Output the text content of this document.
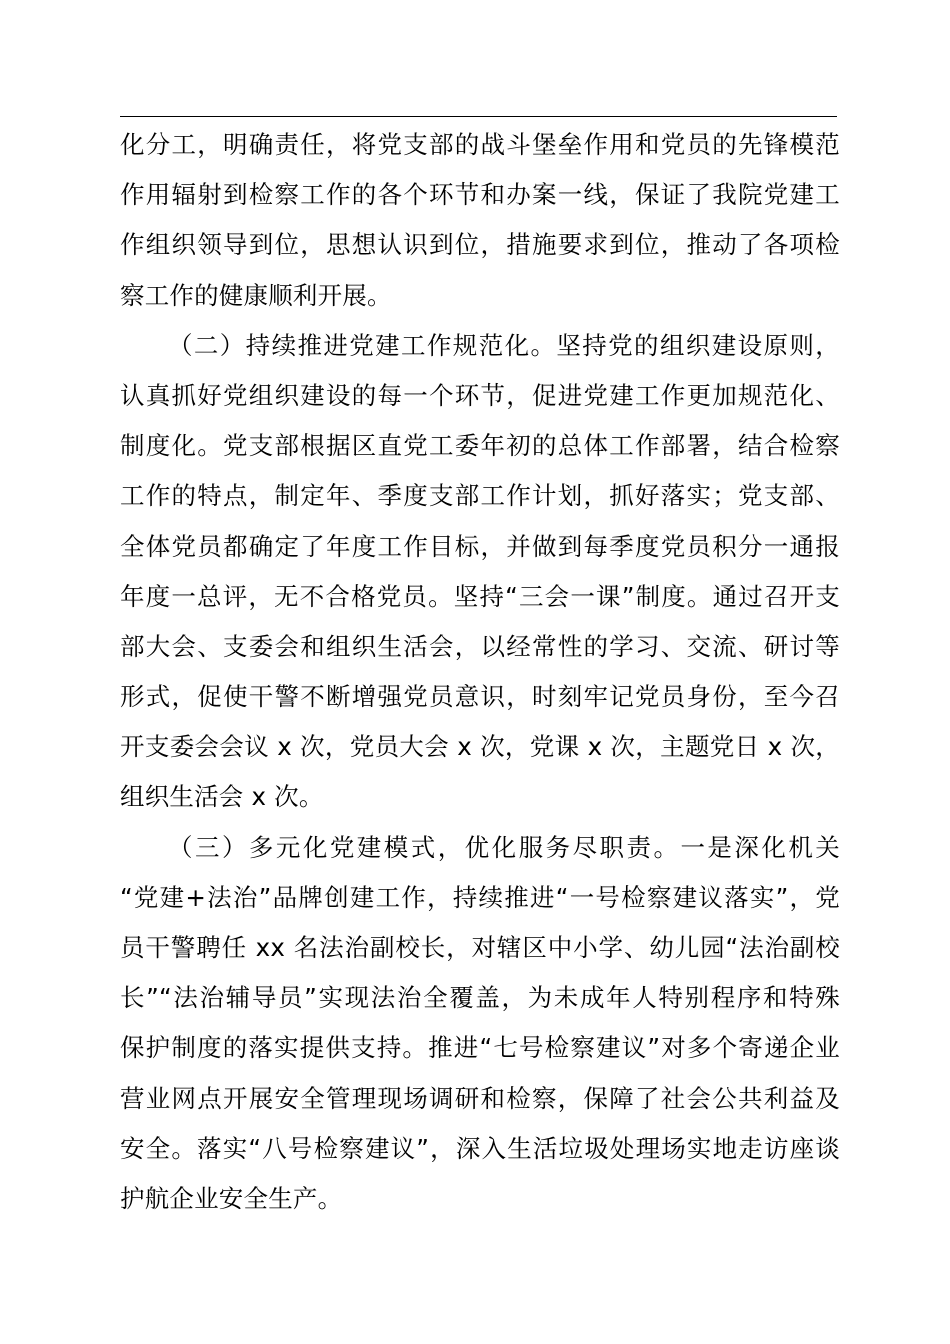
化分工，明确责任，将党支部的战斗堡垒作用和党员的先锋模范
作用辐射到检察工作的各个环节和办案一线，保证了我院党建工
作组织领导到位，思想认识到位，措施要求到位，推动了各项检
察工作的健康顺利开展。
（二）持续推进党建工作规范化。坚持党的组织建设原则，
认真抓好党组织建设的每一个环节，促进党建工作更加规范化、
制度化。党支部根据区直党工委年初的总体工作部署，结合检察
工作的特点，制定年、季度支部工作计划，抓好落实；党支部、
全体党员都确定了年度工作目标，并做到每季度党员积分一通报
年度一总评，无不合格党员。坚持“三会一课”制度。通过召开支
部大会、支委会和组织生活会，以经常性的学习、交流、研讨等
形式，促使干警不断增强党员意识，时刻牢记党员身份，至今召
开支委会会议 x 次，党员大会 x 次，党课 x 次，主题党日 x 次，
组织生活会 x 次。
（三）多元化党建模式，优化服务尽职责。一是深化机关
“党建+法治”品牌创建工作，持续推进“一号检察建议落实”，党
员干警聘任 xx 名法治副校长，对辖区中小学、幼儿园“法治副校
长”“法治辅导员”实现法治全覆盖，为未成年人特别程序和特殊
保护制度的落实提供支持。推进“七号检察建议”对多个寄递企业
营业网点开展安全管理现场调研和检察，保障了社会公共利益及
安全。落实“八号检察建议”，深入生活垃圾处理场实地走访座谈
护航企业安全生产。
